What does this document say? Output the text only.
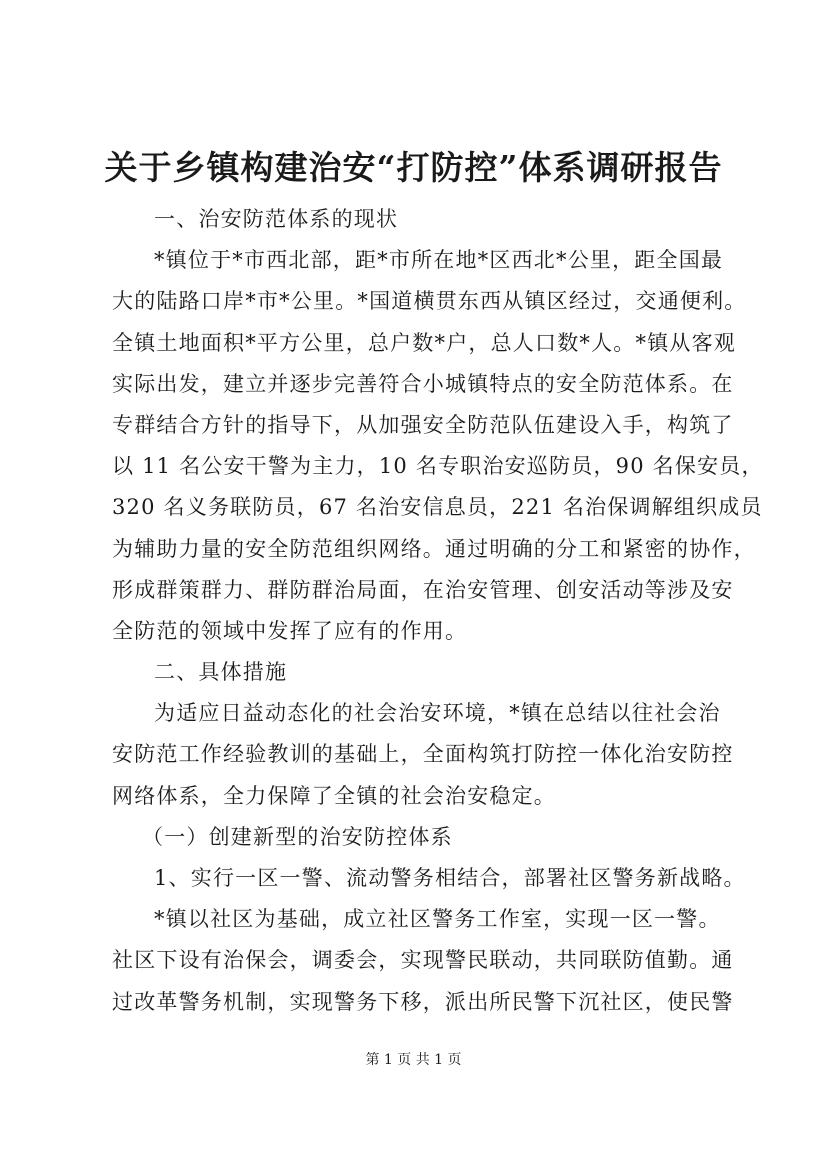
关于乡镇构建治安“打防控”体系调研报告
一、治安防范体系的现状
*镇位于*市西北部，距*市所在地*区西北*公里，距全国最
大的陆路口岸*市*公里。*国道横贯东西从镇区经过，交通便利。
全镇土地面积*平方公里，总户数*户，总人口数*人。*镇从客观
实际出发，建立并逐步完善符合小城镇特点的安全防范体系。在
专群结合方针的指导下，从加强安全防范队伍建设入手，构筑了
以 11 名公安干警为主力，10 名专职治安巡防员，90 名保安员，
320 名义务联防员，67 名治安信息员，221 名治保调解组织成员
为辅助力量的安全防范组织网络。通过明确的分工和紧密的协作，
形成群策群力、群防群治局面，在治安管理、创安活动等涉及安
全防范的领域中发挥了应有的作用。
二、具体措施
为适应日益动态化的社会治安环境，*镇在总结以往社会治
安防范工作经验教训的基础上，全面构筑打防控一体化治安防控
网络体系，全力保障了全镇的社会治安稳定。
（一）创建新型的治安防控体系
1、实行一区一警、流动警务相结合，部署社区警务新战略。
*镇以社区为基础，成立社区警务工作室，实现一区一警。
社区下设有治保会，调委会，实现警民联动，共同联防值勤。通
过改革警务机制，实现警务下移，派出所民警下沉社区，使民警
第 1 页 共 1 页
